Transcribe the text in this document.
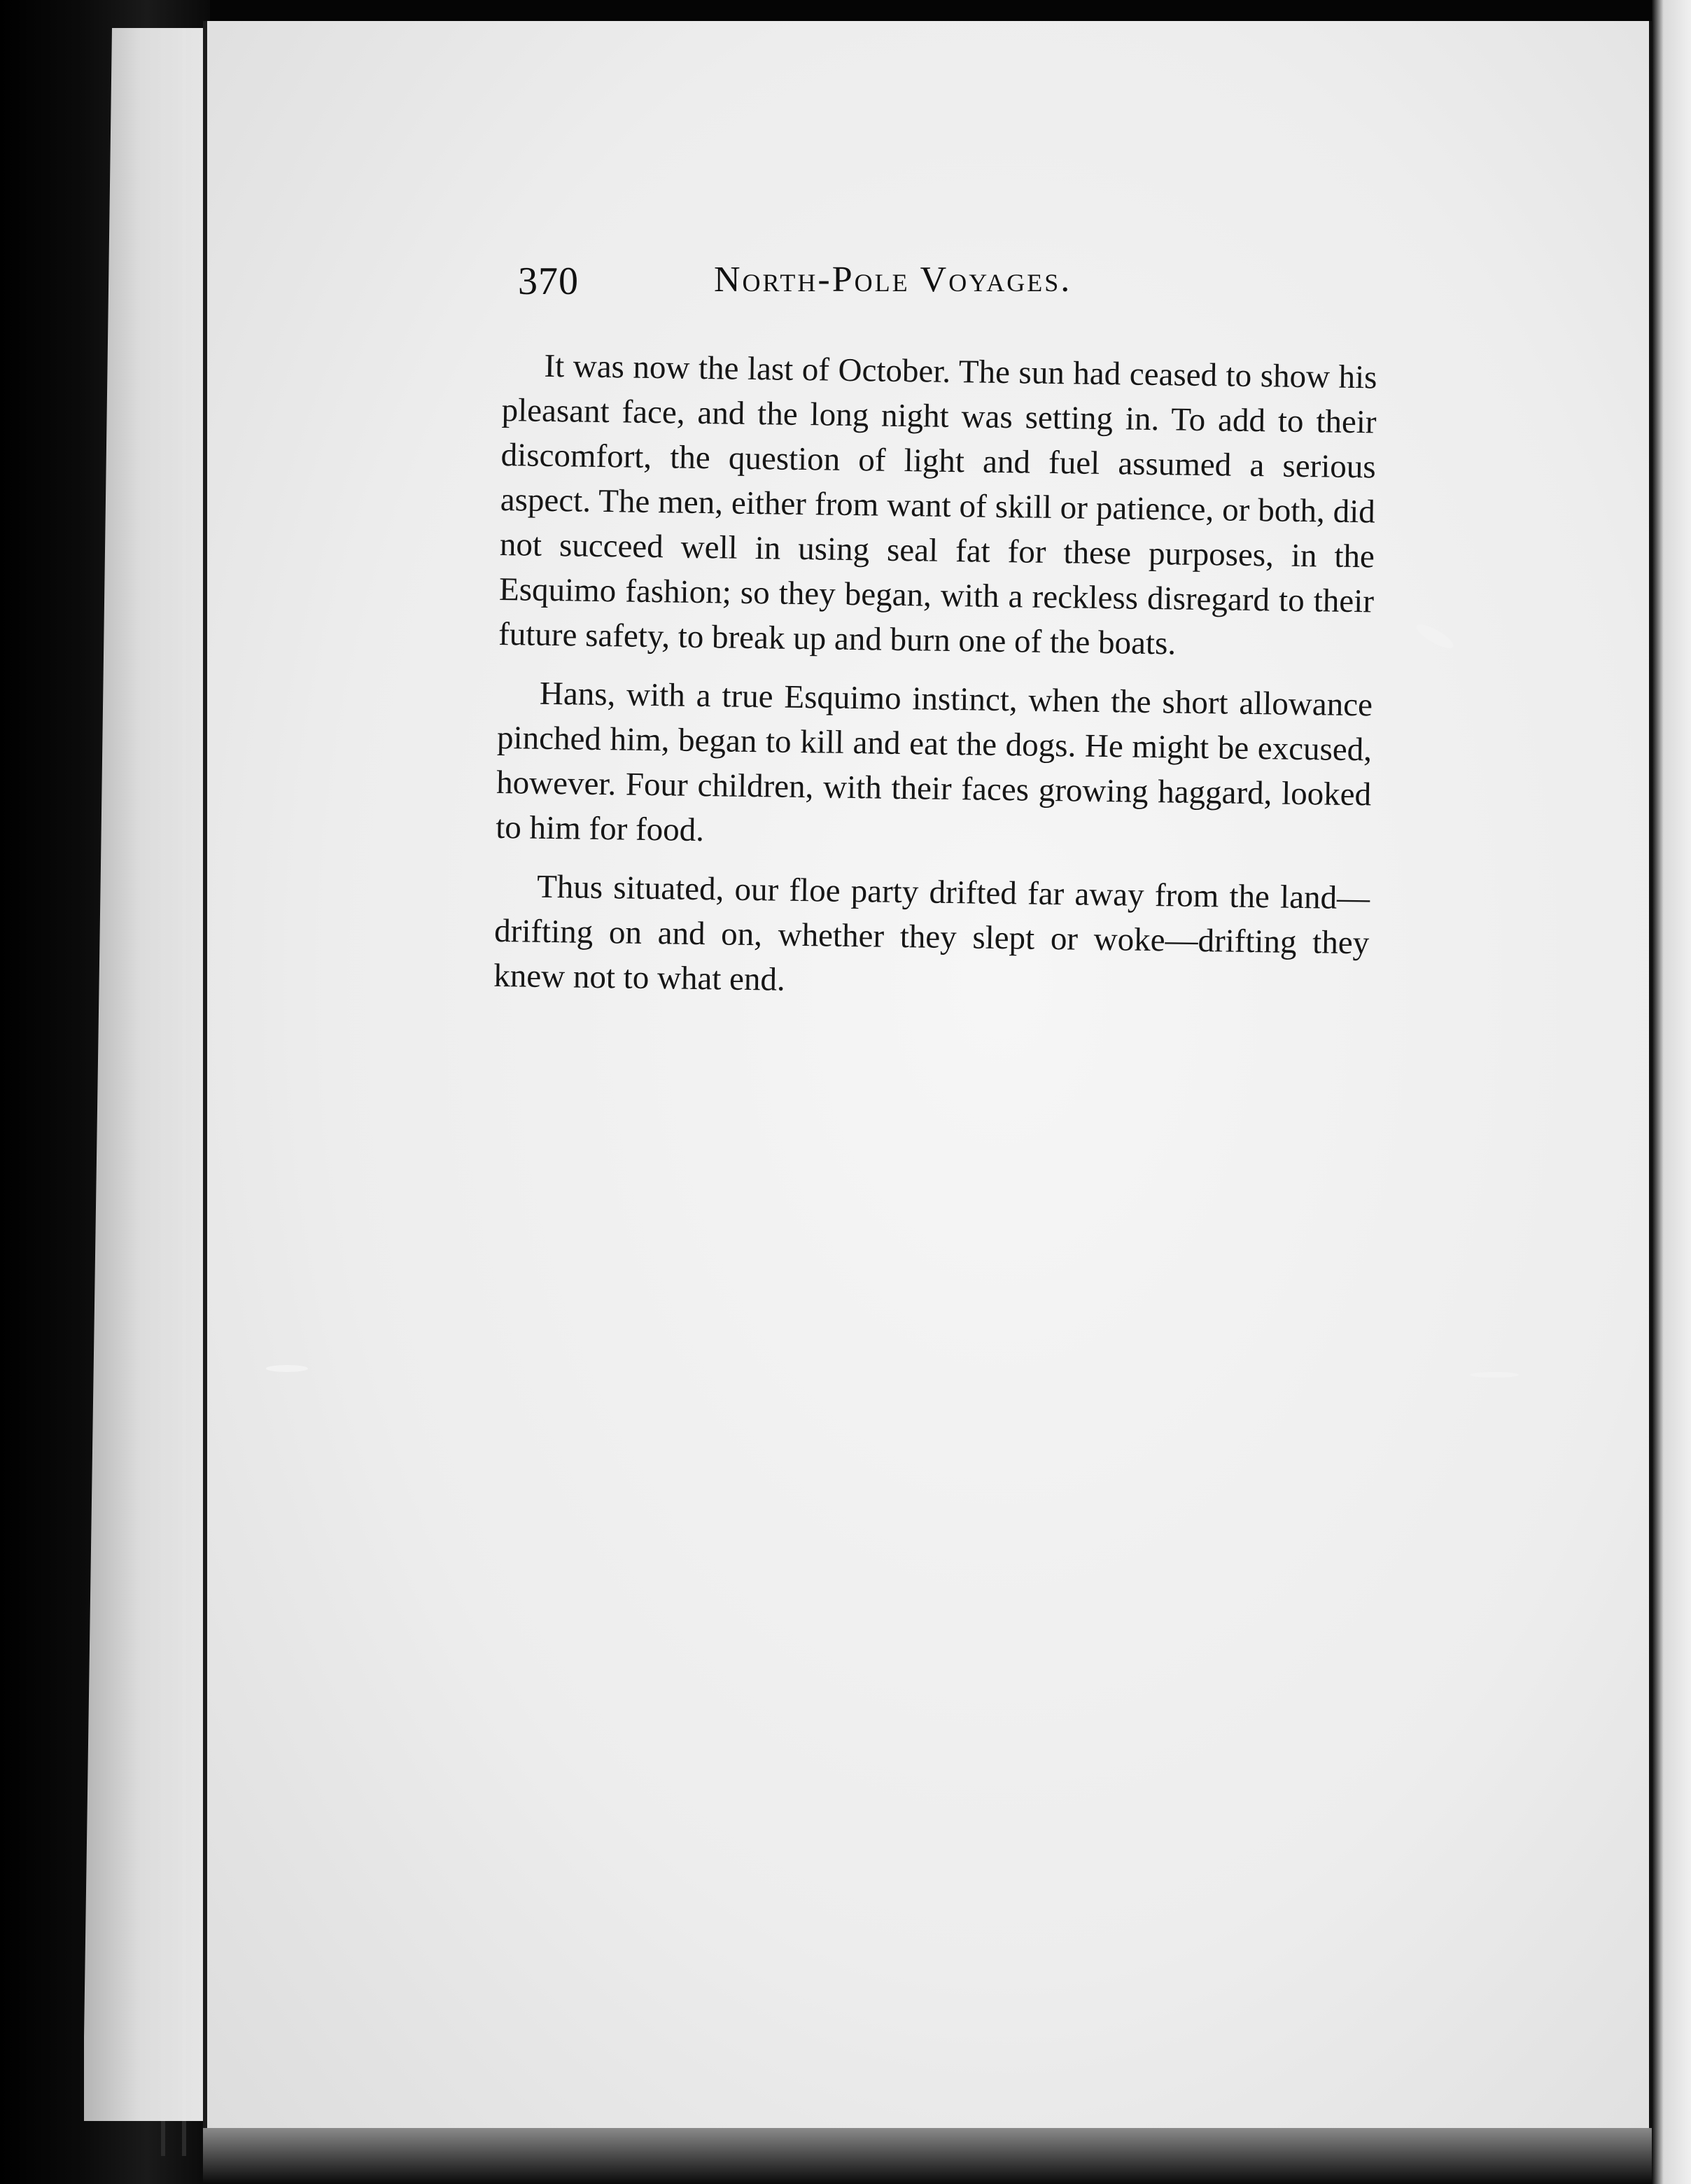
370	North-Pole Voyages.

It was now the last of October. The sun had ceased to show his pleasant face, and the long night was setting in. To add to their discomfort, the question of light and fuel assumed a serious aspect. The men, either from want of skill or patience, or both, did not succeed well in using seal fat for these purposes, in the Esquimo fashion; so they began, with a reckless disregard to their future safety, to break up and burn one of the boats.

Hans, with a true Esquimo instinct, when the short allowance pinched him, began to kill and eat the dogs. He might be excused, however. Four children, with their faces growing haggard, looked to him for food.

Thus situated, our floe party drifted far away from the land—drifting on and on, whether they slept or woke—drifting they knew not to what end.
